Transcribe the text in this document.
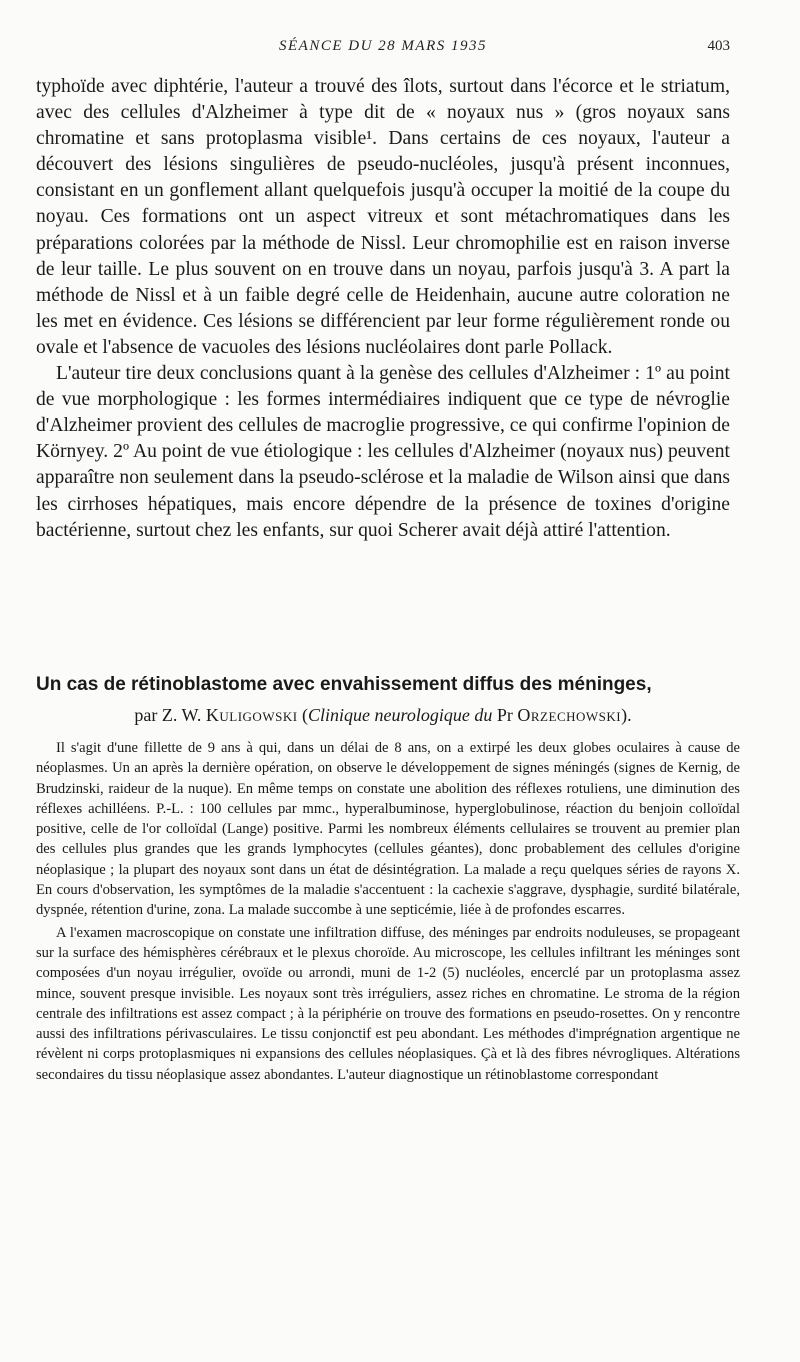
SÉANCE DU 28 MARS 1935	403

typhoïde avec diphtérie, l'auteur a trouvé des îlots, surtout dans l'écorce et le striatum, avec des cellules d'Alzheimer à type dit de « noyaux nus » (gros noyaux sans chromatine et sans protoplasma visible¹. Dans certains de ces noyaux, l'auteur a découvert des lésions singulières de pseudo-nucléoles, jusqu'à présent inconnues, consistant en un gonflement allant quelquefois jusqu'à occuper la moitié de la coupe du noyau. Ces formations ont un aspect vitreux et sont métachromatiques dans les préparations colorées par la méthode de Nissl. Leur chromophilie est en raison inverse de leur taille. Le plus souvent on en trouve dans un noyau, parfois jusqu'à 3. A part la méthode de Nissl et à un faible degré celle de Heidenhain, aucune autre coloration ne les met en évidence. Ces lésions se différencient par leur forme régulièrement ronde ou ovale et l'absence de vacuoles des lésions nucléolaires dont parle Pollack.

L'auteur tire deux conclusions quant à la genèse des cellules d'Alzheimer : 1º au point de vue morphologique : les formes intermédiaires indiquent que ce type de névroglie d'Alzheimer provient des cellules de macroglie progressive, ce qui confirme l'opinion de Környey. 2º Au point de vue étiologique : les cellules d'Alzheimer (noyaux nus) peuvent apparaître non seulement dans la pseudo-sclérose et la maladie de Wilson ainsi que dans les cirrhoses hépatiques, mais encore dépendre de la présence de toxines d'origine bactérienne, surtout chez les enfants, sur quoi Scherer avait déjà attiré l'attention.

Un cas de rétinoblastome avec envahissement diffus des méninges,
par Z. W. Kuligowski (Clinique neurologique du Pr Orzechowski).

Il s'agit d'une fillette de 9 ans à qui, dans un délai de 8 ans, on a extirpé les deux globes oculaires à cause de néoplasmes. Un an après la dernière opération, on observe le développement de signes méningés (signes de Kernig, de Brudzinski, raideur de la nuque). En même temps on constate une abolition des réflexes rotuliens, une diminution des réflexes achilléens. P.-L. : 100 cellules par mmc., hyperalbuminose, hyperglobulinose, réaction du benjoin colloïdal positive, celle de l'or colloïdal (Lange) positive. Parmi les nombreux éléments cellulaires se trouvent au premier plan des cellules plus grandes que les grands lymphocytes (cellules géantes), donc probablement des cellules d'origine néoplasique ; la plupart des noyaux sont dans un état de désintégration. La malade a reçu quelques séries de rayons X. En cours d'observation, les symptômes de la maladie s'accentuent : la cachexie s'aggrave, dysphagie, surdité bilatérale, dyspnée, rétention d'urine, zona. La malade succombe à une septicémie, liée à de profondes escarres.

A l'examen macroscopique on constate une infiltration diffuse, des méninges par endroits noduleuses, se propageant sur la surface des hémisphères cérébraux et le plexus choroïde. Au microscope, les cellules infiltrant les méninges sont composées d'un noyau irrégulier, ovoïde ou arrondi, muni de 1-2 (5) nucléoles, encerclé par un protoplasma assez mince, souvent presque invisible. Les noyaux sont très irréguliers, assez riches en chromatine. Le stroma de la région centrale des infiltrations est assez compact ; à la périphérie on trouve des formations en pseudo-rosettes. On y rencontre aussi des infiltrations périvasculaires. Le tissu conjonctif est peu abondant. Les méthodes d'imprégnation argentique ne révèlent ni corps protoplasmiques ni expansions des cellules néoplasiques. Çà et là des fibres névrogliques. Altérations secondaires du tissu néoplasique assez abondantes. L'auteur diagnostique un rétinoblastome correspondant
